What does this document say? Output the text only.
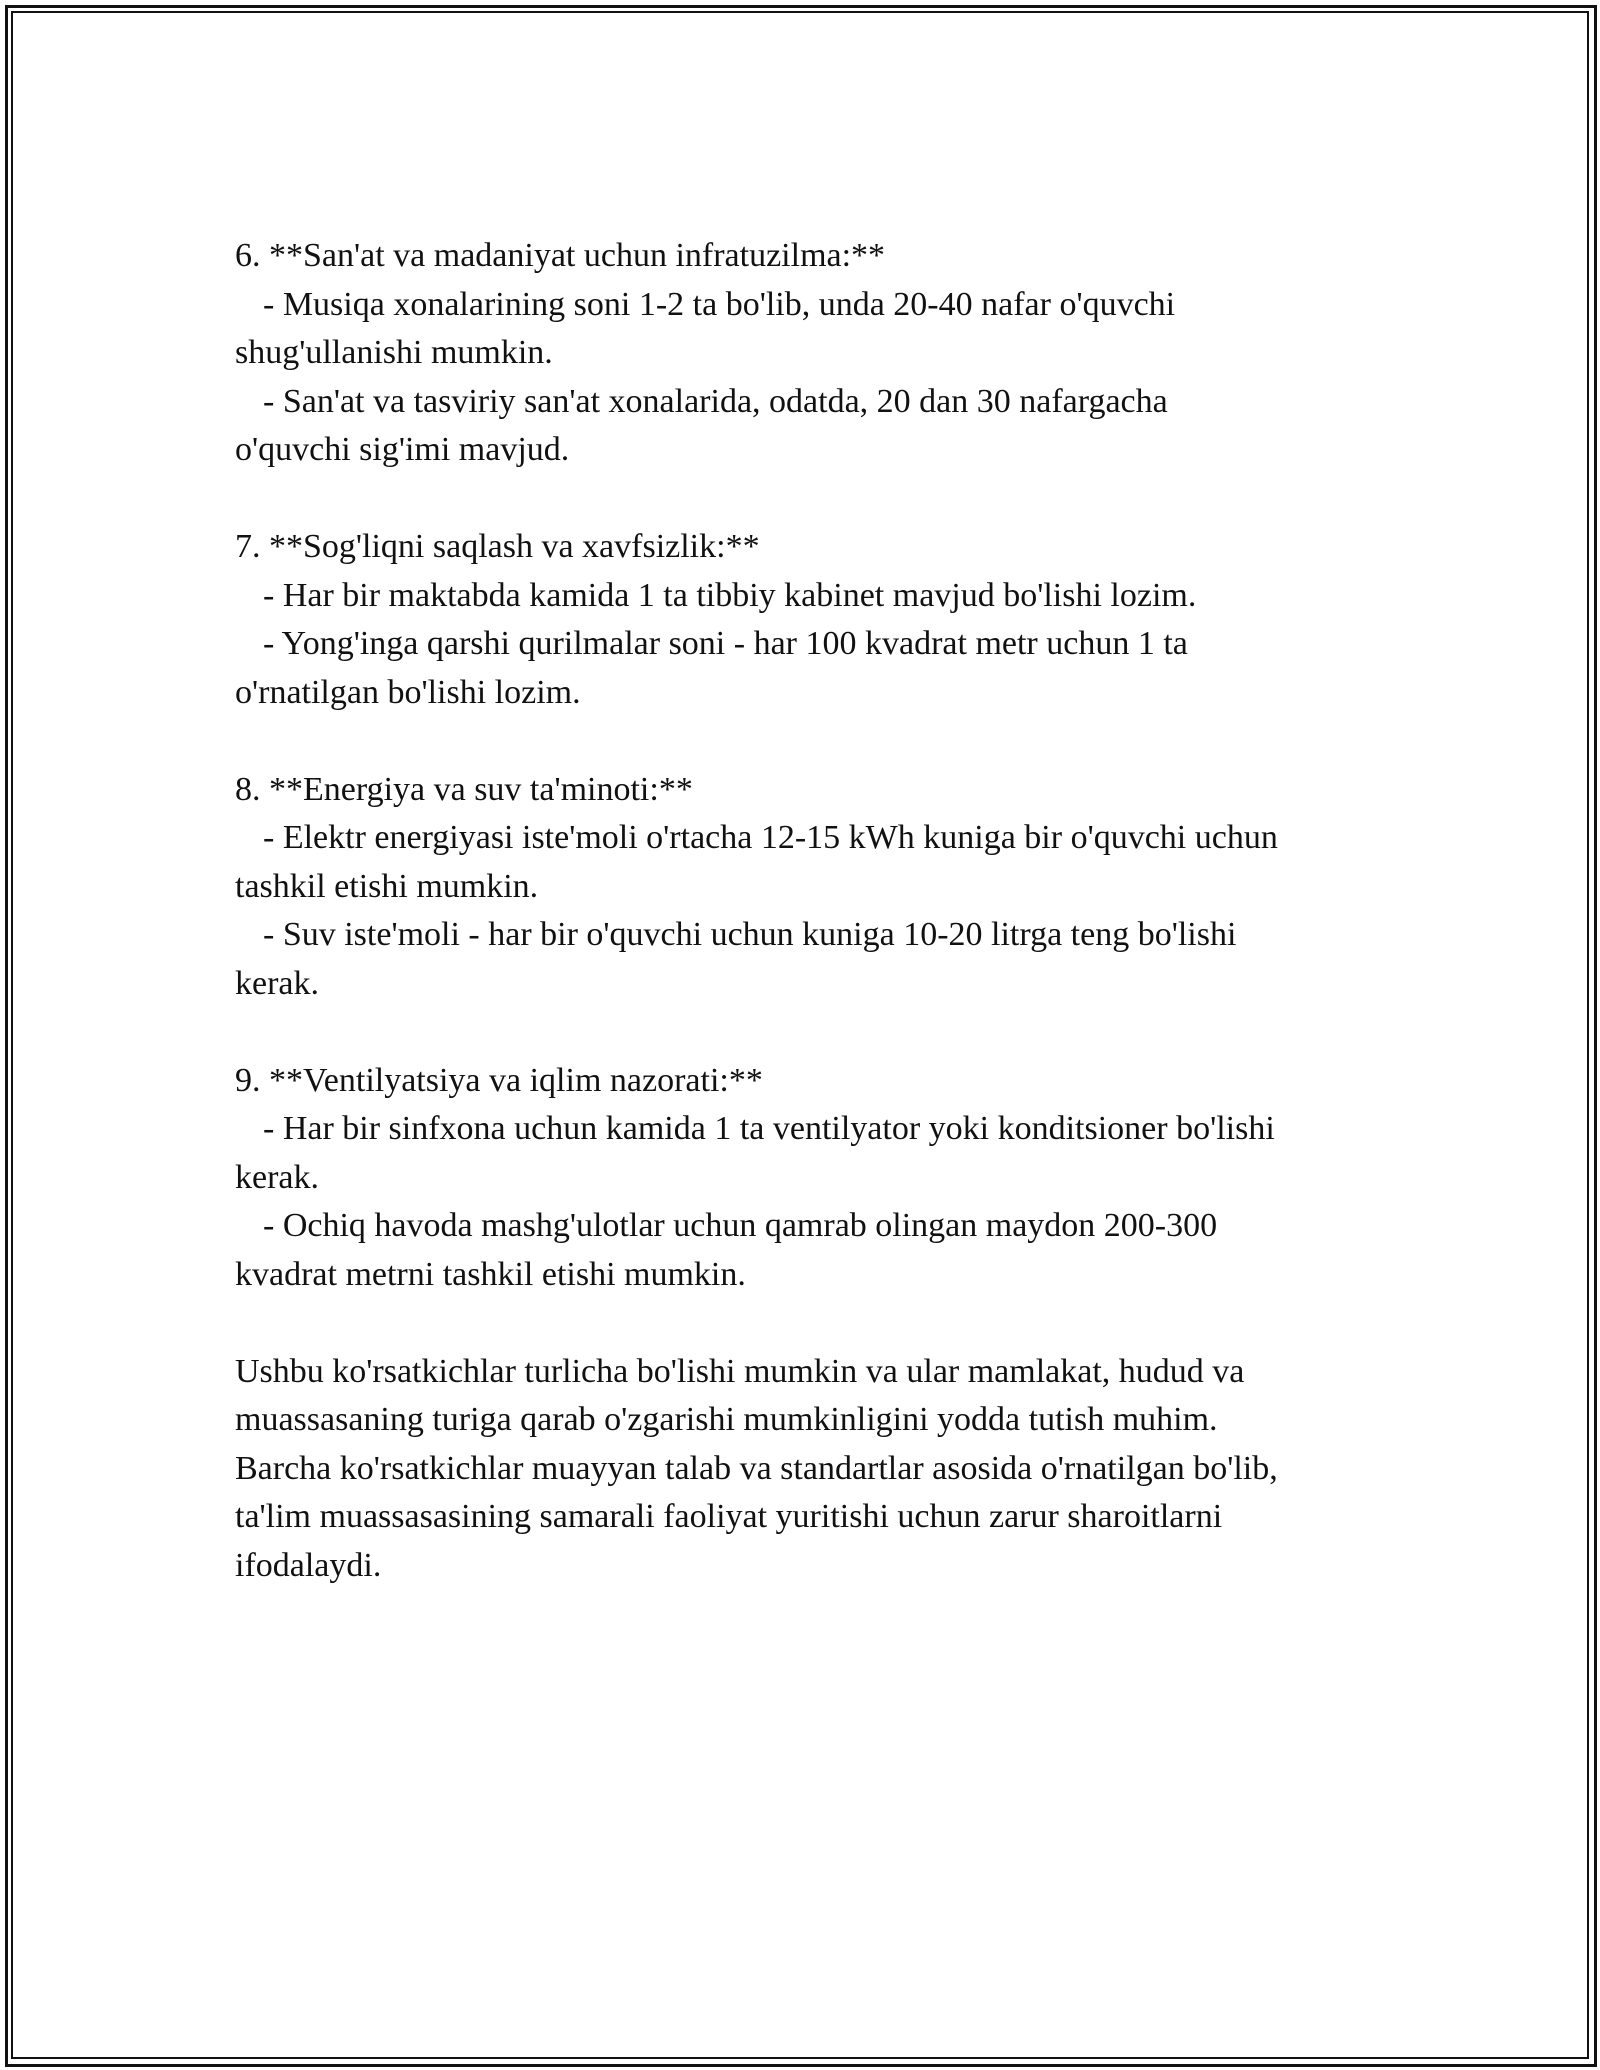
6. **San'at va madaniyat uchun infratuzilma:**

- Musiqa xonalarining soni 1-2 ta bo'lib, unda 20-40 nafar o'quvchi

shug'ullanishi mumkin.

- San'at va tasviriy san'at xonalarida, odatda, 20 dan 30 nafargacha

o'quvchi sig'imi mavjud.

7. **Sog'liqni saqlash va xavfsizlik:**

- Har bir maktabda kamida 1 ta tibbiy kabinet mavjud bo'lishi lozim.

- Yong'inga qarshi qurilmalar soni - har 100 kvadrat metr uchun 1 ta

o'rnatilgan bo'lishi lozim.

8. **Energiya va suv ta'minoti:**

- Elektr energiyasi iste'moli o'rtacha 12-15 kWh kuniga bir o'quvchi uchun

tashkil etishi mumkin.

- Suv iste'moli - har bir o'quvchi uchun kuniga 10-20 litrga teng bo'lishi

kerak.

9. **Ventilyatsiya va iqlim nazorati:**

- Har bir sinfxona uchun kamida 1 ta ventilyator yoki konditsioner bo'lishi

kerak.

- Ochiq havoda mashg'ulotlar uchun qamrab olingan maydon 200-300

kvadrat metrni tashkil etishi mumkin.

Ushbu ko'rsatkichlar turlicha bo'lishi mumkin va ular mamlakat, hudud va

muassasaning turiga qarab o'zgarishi mumkinligini yodda tutish muhim.

Barcha ko'rsatkichlar muayyan talab va standartlar asosida o'rnatilgan bo'lib,

ta'lim muassasasining samarali faoliyat yuritishi uchun zarur sharoitlarni

ifodalaydi.
